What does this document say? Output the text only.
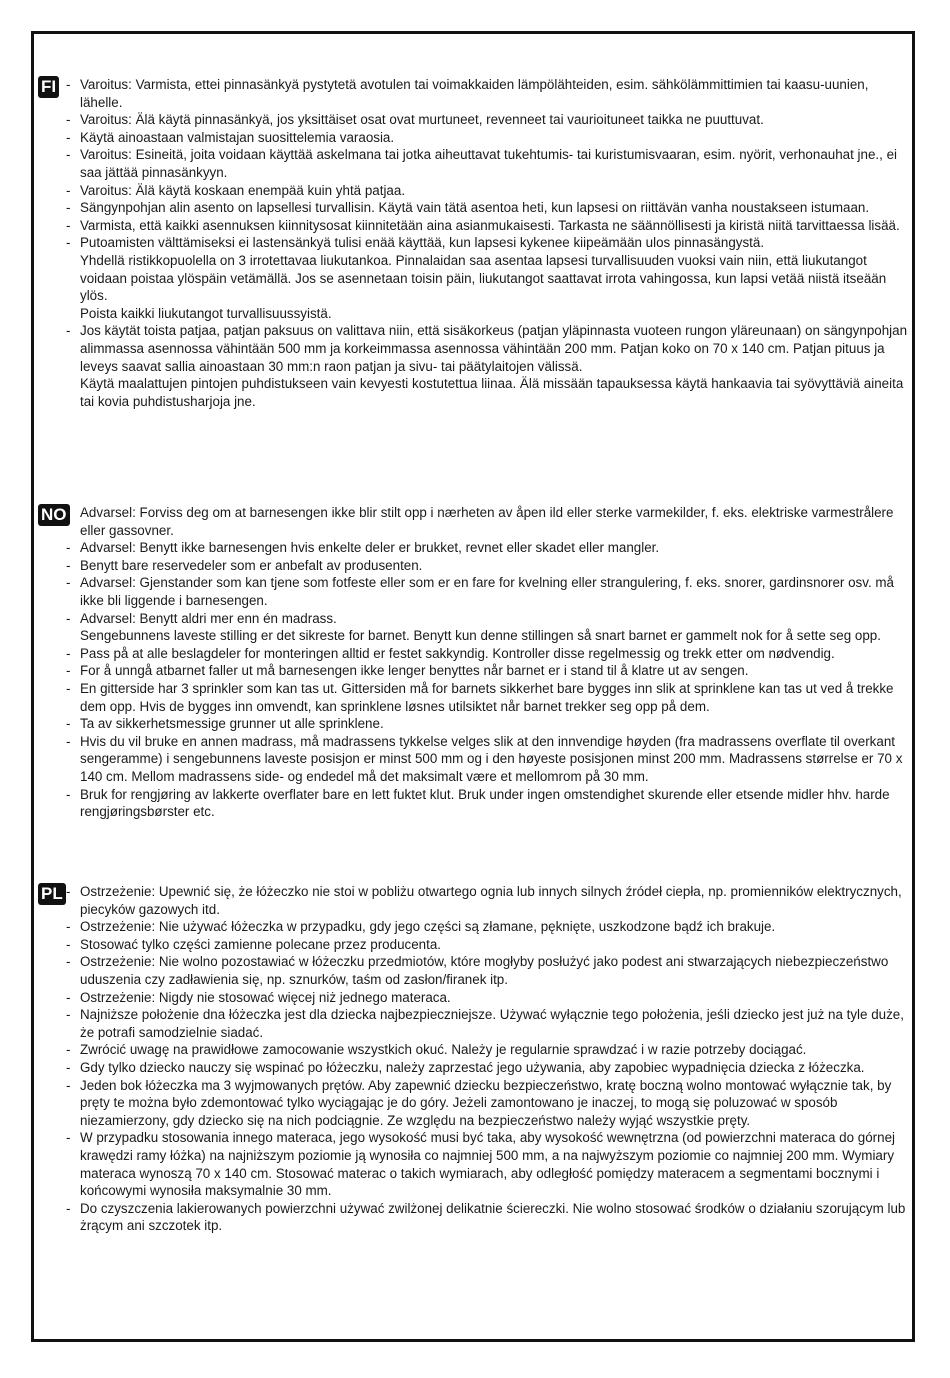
FI - Varoitus: Varmista, ettei pinnasänkyä pystytetä avotulen tai voimakkaiden lämpölähteiden, esim. sähkölämmittimien tai kaasu-uunien, lähelle.
- Varoitus: Älä käytä pinnasänkyä, jos yksittäiset osat ovat murtuneet, revenneet tai vaurioituneet taikka ne puuttuvat.
- Käytä ainoastaan valmistajan suosittelemia varaosia.
- Varoitus: Esineitä, joita voidaan käyttää askelmana tai jotka aiheuttavat tukehtumis- tai kuristumisvaaran, esim. nyörit, verhonauhat jne., ei saa jättää pinnasänkyyn.
- Varoitus: Älä käytä koskaan enempää kuin yhtä patjaa.
- Sängynpohjan alin asento on lapsellesi turvallisin. Käytä vain tätä asentoa heti, kun lapsesi on riittävän vanha noustakseen istumaan.
- Varmista, että kaikki asennuksen kiinnitysosat kiinnitetään aina asianmukaisesti. Tarkasta ne säännöllisesti ja kiristä niitä tarvittaessa lisää.
- Putoamisten välttämiseksi ei lastensänkyä tulisi enää käyttää, kun lapsesi kykenee kiipeämään ulos pinnasängystä.
Yhdellä ristikkopuolella on 3 irrotettavaa liukutankoa. Pinnalaidan saa asentaa lapsesi turvallisuuden vuoksi vain niin, että liukutangot voidaan poistaa ylöspäin vetämällä. Jos se asennetaan toisin päin, liukutangot saattavat irrota vahingossa, kun lapsi vetää niistä itseään ylös.
Poista kaikki liukutangot turvallisuussyistä.
- Jos käytät toista patjaa, patjan paksuus on valittava niin, että sisäkorkeus (patjan yläpinnasta vuoteen rungon yläreunaan) on sängynpohjan alimmassa asennossa vähintään 500 mm ja korkeimmassa asennossa vähintään 200 mm. Patjan koko on 70 x 140 cm. Patjan pituus ja leveys saavat sallia ainoastaan 30 mm:n raon patjan ja sivu- tai päätylaitojen välissä.
Käytä maalattujen pintojen puhdistukseen vain kevyesti kostutettua liinaa. Älä missään tapauksessa käytä hankaavia tai syövyttäviä aineita tai kovia puhdistusharjoja jne.
NO - Advarsel: Forviss deg om at barnesengen ikke blir stilt opp i nærheten av åpen ild eller sterke varmekilder, f. eks. elektriske varmestrålere eller gassovner.
- Advarsel: Benytt ikke barnesengen hvis enkelte deler er brukket, revnet eller skadet eller mangler.
- Benytt bare reservedeler som er anbefalt av produsenten.
- Advarsel: Gjenstander som kan tjene som fotfeste eller som er en fare for kvelning eller strangulering, f. eks. snorer, gardinsnorer osv. må ikke bli liggende i barnesengen.
- Advarsel: Benytt aldri mer enn én madrass.
Sengebunnens laveste stilling er det sikreste for barnet. Benytt kun denne stillingen så snart barnet er gammelt nok for å sette seg opp.
- Pass på at alle beslagdeler for monteringen alltid er festet sakkyndig. Kontroller disse regelmessig og trekk etter om nødvendig.
- For å unngå atbarnet faller ut må barnesengen ikke lenger benyttes når barnet er i stand til å klatre ut av sengen.
- En gitterside har 3 sprinkler som kan tas ut. Gittersiden må for barnets sikkerhet bare bygges inn slik at sprinklene kan tas ut ved å trekke dem opp. Hvis de bygges inn omvendt, kan sprinklene løsnes utilsiktet når barnet trekker seg opp på dem.
- Ta av sikkerhetsmessige grunner ut alle sprinklene.
- Hvis du vil bruke en annen madrass, må madrassens tykkelse velges slik at den innvendige høyden (fra madrassens overflate til overkant sengeramme) i sengebunnens laveste posisjon er minst 500 mm og i den høyeste posisjonen minst 200 mm. Madrassens størrelse er 70 x 140 cm. Mellom madrassens side- og endedel må det maksimalt være et mellomrom på 30 mm.
- Bruk for rengjøring av lakkerte overflater bare en lett fuktet klut. Bruk under ingen omstendighet skurende eller etsende midler hhv. harde rengjøringsbørster etc.
PL - Ostrzeżenie: Upewnić się, że łóżeczko nie stoi w pobliżu otwartego ognia lub innych silnych źródeł ciepła, np. promienników elektrycznych, piecyków gazowych itd.
- Ostrzeżenie: Nie używać łóżeczka w przypadku, gdy jego części są złamane, pęknięte, uszkodzone bądź ich brakuje.
- Stosować tylko części zamienne polecane przez producenta.
- Ostrzeżenie: Nie wolno pozostawiać w łóżeczku przedmiotów, które mogłyby posłużyć jako podest ani stwarzających niebezpieczeństwo uduszenia czy zadławienia się, np. sznurków, taśm od zasłon/firanek itp.
- Ostrzeżenie: Nigdy nie stosować więcej niż jednego materaca.
- Najniższe położenie dna łóżeczka jest dla dziecka najbezpieczniejsze. Używać wyłącznie tego położenia, jeśli dziecko jest już na tyle duże, że potrafi samodzielnie siadać.
- Zwrócić uwagę na prawidłowe zamocowanie wszystkich okuć. Należy je regularnie sprawdzać i w razie potrzeby dociągać.
- Gdy tylko dziecko nauczy się wspinać po łóżeczku, należy zaprzestać jego używania, aby zapobiec wypadnięcia dziecka z łóżeczka.
- Jeden bok łóżeczka ma 3 wyjmowanych prętów. Aby zapewnić dziecku bezpieczeństwo, kratę boczną wolno montować wyłącznie tak, by pręty te można było zdemontować tylko wyciągając je do góry. Jeżeli zamontowano je inaczej, to mogą się poluzować w sposób niezamierzony, gdy dziecko się na nich podciągnie. Ze względu na bezpieczeństwo należy wyjąć wszystkie pręty.
- W przypadku stosowania innego materaca, jego wysokość musi być taka, aby wysokość wewnętrzna (od powierzchni materaca do górnej krawędzi ramy łóżka) na najniższym poziomie ją wynosiła co najmniej 500 mm, a na najwyższym poziomie co najmniej 200 mm. Wymiary materaca wynoszą 70 x 140 cm. Stosować materac o takich wymiarach, aby odległość pomiędzy materacem a segmentami bocznymi i końcowymi wynosiła maksymalnie 30 mm.
- Do czyszczenia lakierowanych powierzchni używać zwilżonej delikatnie ściereczki. Nie wolno stosować środków o działaniu szorującym lub żrącym ani szczotek itp.
